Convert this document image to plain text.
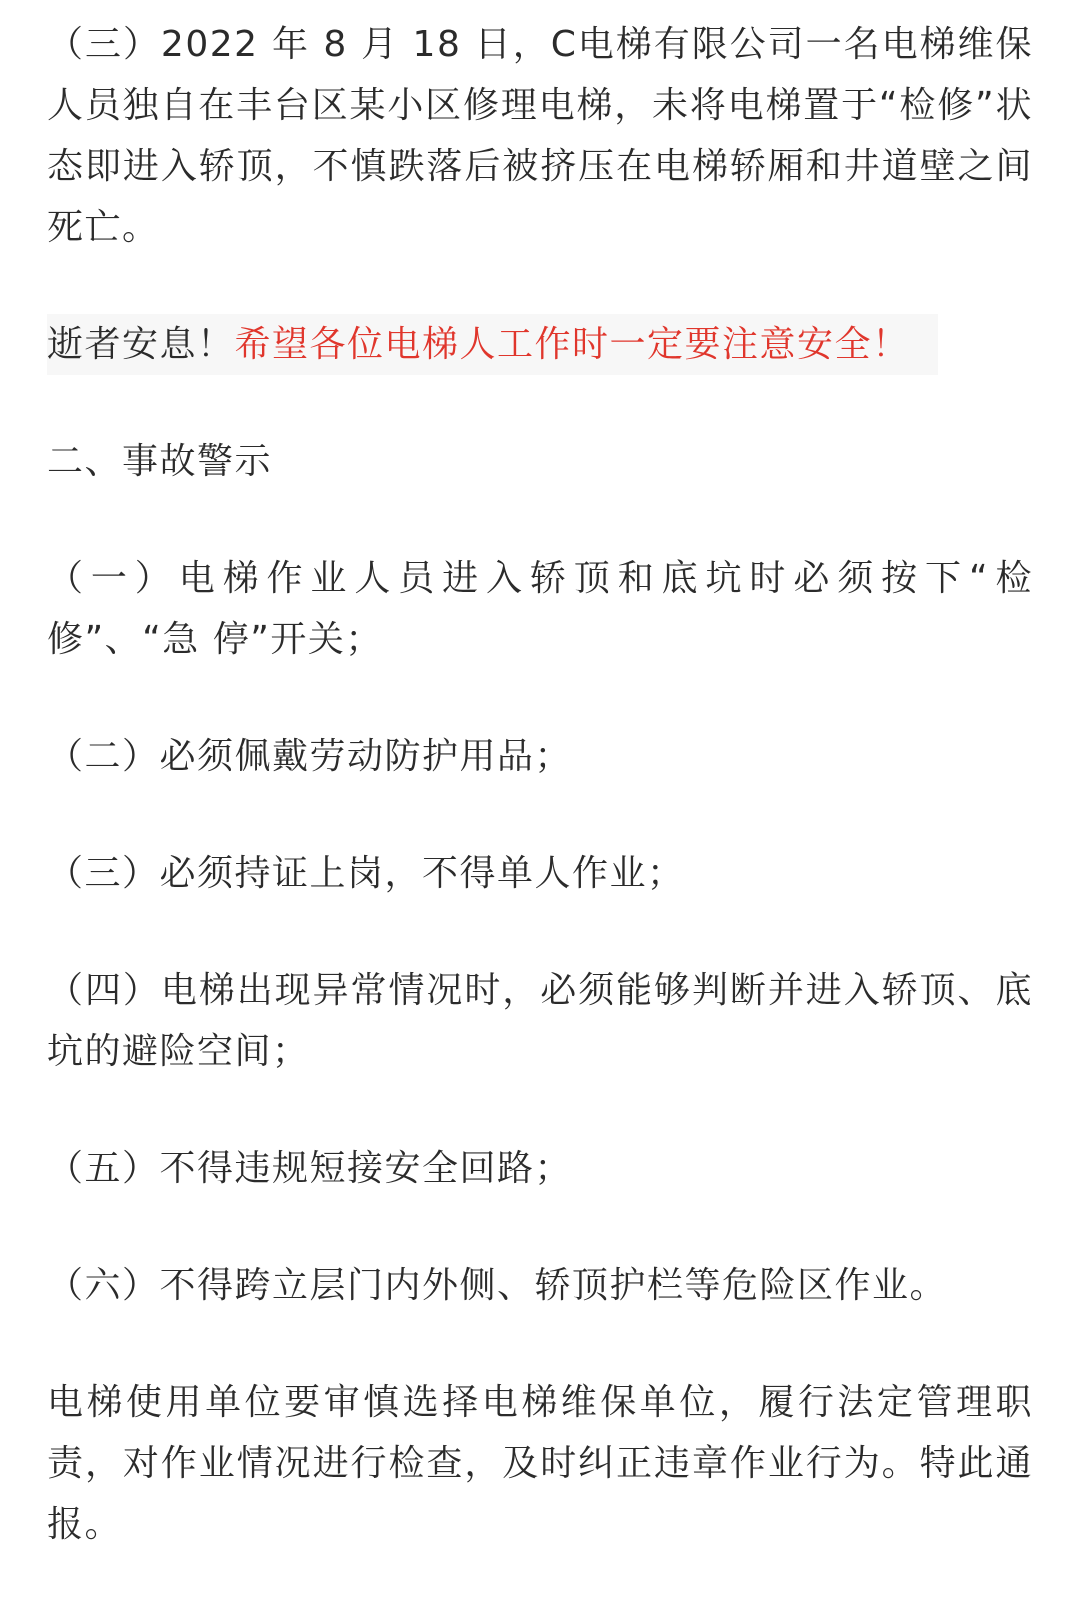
（三）2022 年 8 月 18 日，C电梯有限公司一名电梯维保人员独自在丰台区某小区修理电梯，未将电梯置于“检修”状态即进入轿顶，不慎跌落后被挤压在电梯轿厢和井道壁之间死亡。

逝者安息！希望各位电梯人工作时一定要注意安全！

二、事故警示

（一）电梯作业人员进入轿顶和底坑时必须按下“检修”、“急 停”开关；

（二）必须佩戴劳动防护用品；

（三）必须持证上岗，不得单人作业；

（四）电梯出现异常情况时，必须能够判断并进入轿顶、底坑的避险空间；

（五）不得违规短接安全回路；

（六）不得跨立层门内外侧、轿顶护栏等危险区作业。

电梯使用单位要审慎选择电梯维保单位，履行法定管理职责，对作业情况进行检查，及时纠正违章作业行为。特此通报。
